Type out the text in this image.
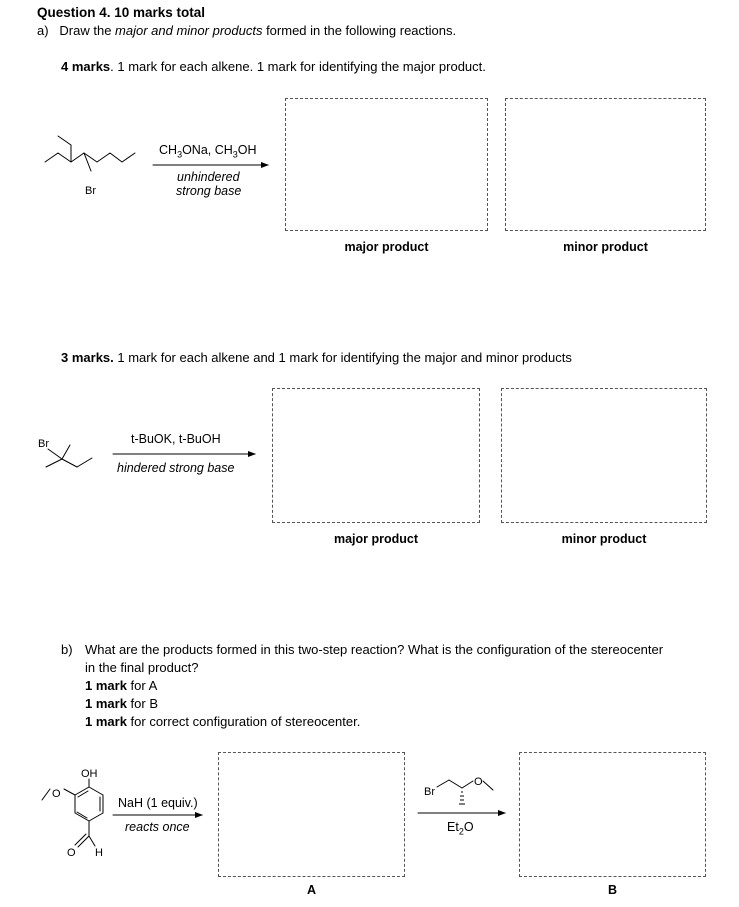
Question 4. 10 marks total
a) Draw the major and minor products formed in the following reactions.
4 marks. 1 mark for each alkene. 1 mark for identifying the major product.
$CH_3ONa$, $CH_3OH$
unhindered
strong base
major product	minor product
3 marks. 1 mark for each alkene and 1 mark for identifying the major and minor products
t-BuOK, t-BuOH
hindered strong base
major product	minor product
b) What are the products formed in this two-step reaction? What is the configuration of the stereocenter
in the final product?
1 mark for A
1 mark for B
1 mark for correct configuration of stereocenter.
NaH (1 equiv.)
reacts once	$Et_2O$
A	B
Br
Br
OH
O
O H
Br
O
